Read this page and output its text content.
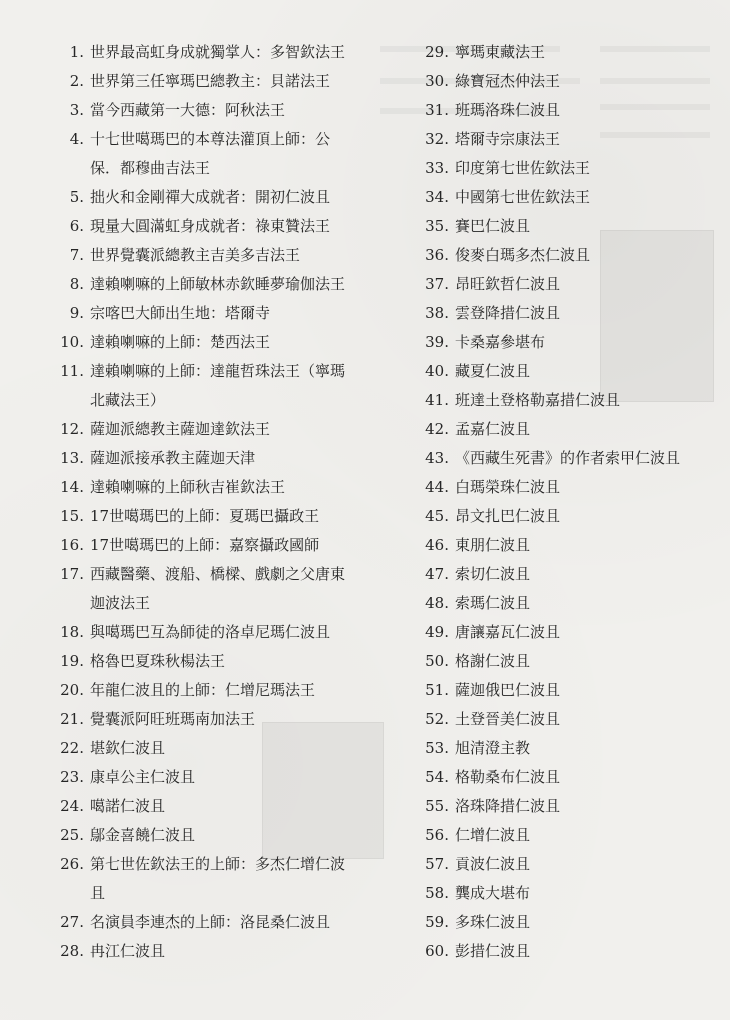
1. 世界最高虹身成就獨掌人：多智欽法王
2. 世界第三任寧瑪巴總教主：貝諾法王
3. 當今西藏第一大德：阿秋法王
4. 十七世噶瑪巴的本尊法灌頂上師：公
保．都穆曲吉法王
5. 拙火和金剛禪大成就者：開初仁波且
6. 現量大圓滿虹身成就者：祿東贊法王
7. 世界覺囊派總教主吉美多吉法王
8. 達賴喇嘛的上師敏林赤欽睡夢瑜伽法王
9. 宗喀巴大師出生地：塔爾寺
10. 達賴喇嘛的上師：楚西法王
11. 達賴喇嘛的上師：達龍哲珠法王（寧瑪
北藏法王）
12. 薩迦派總教主薩迦達欽法王
13. 薩迦派接承教主薩迦天津
14. 達賴喇嘛的上師秋吉崔欽法王
15. 17世噶瑪巴的上師：夏瑪巴攝政王
16. 17世噶瑪巴的上師：嘉察攝政國師
17. 西藏醫藥、渡船、橋樑、戲劇之父唐東
迦波法王
18. 與噶瑪巴互為師徒的洛卓尼瑪仁波且
19. 格魯巴夏珠秋楊法王
20. 年龍仁波且的上師：仁增尼瑪法王
21. 覺囊派阿旺班瑪南加法王
22. 堪欽仁波且
23. 康卓公主仁波且
24. 噶諾仁波且
25. 鄔金喜饒仁波且
26. 第七世佐欽法王的上師：多杰仁增仁波
且
27. 名演員李連杰的上師：洛昆桑仁波且
28. 冉江仁波且
29. 寧瑪東藏法王
30. 綠寶冠杰仲法王
31. 班瑪洛珠仁波且
32. 塔爾寺宗康法王
33. 印度第七世佐欽法王
34. 中國第七世佐欽法王
35. 賽巴仁波且
36. 俊麥白瑪多杰仁波且
37. 昂旺欽哲仁波且
38. 雲登降措仁波且
39. 卡桑嘉參堪布
40. 藏夏仁波且
41. 班達土登格勒嘉措仁波且
42. 孟嘉仁波且
43. 《西藏生死書》的作者索甲仁波且
44. 白瑪榮珠仁波且
45. 昂文扎巴仁波且
46. 東朋仁波且
47. 索切仁波且
48. 索瑪仁波且
49. 唐讓嘉瓦仁波且
50. 格謝仁波且
51. 薩迦俄巴仁波且
52. 土登晉美仁波且
53. 旭清澄主教
54. 格勒桑布仁波且
55. 洛珠降措仁波且
56. 仁增仁波且
57. 貢波仁波且
58. 龔成大堪布
59. 多珠仁波且
60. 彭措仁波且
